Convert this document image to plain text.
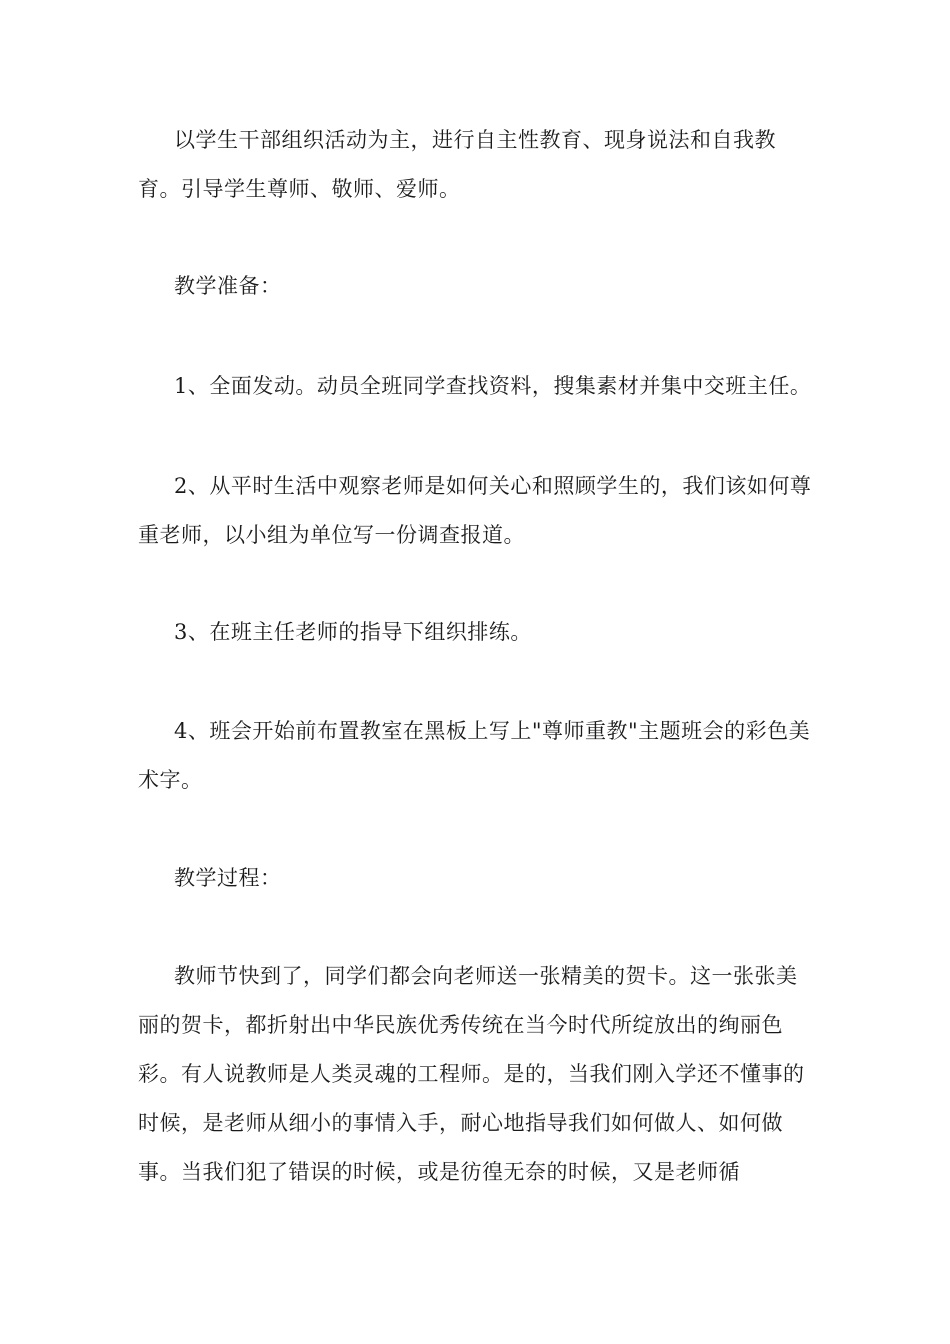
以学生干部组织活动为主，进行自主性教育、现身说法和自我教育。引导学生尊师、敬师、爱师。

教学准备：

1、全面发动。动员全班同学查找资料，搜集素材并集中交班主任。

2、从平时生活中观察老师是如何关心和照顾学生的，我们该如何尊重老师，以小组为单位写一份调查报道。

3、在班主任老师的指导下组织排练。

4、班会开始前布置教室在黑板上写上"尊师重教"主题班会的彩色美术字。

教学过程：

教师节快到了，同学们都会向老师送一张精美的贺卡。这一张张美丽的贺卡，都折射出中华民族优秀传统在当今时代所绽放出的绚丽色彩。有人说教师是人类灵魂的工程师。是的，当我们刚入学还不懂事的时候，是老师从细小的事情入手，耐心地指导我们如何做人、如何做事。当我们犯了错误的时候，或是彷徨无奈的时候，又是老师循
